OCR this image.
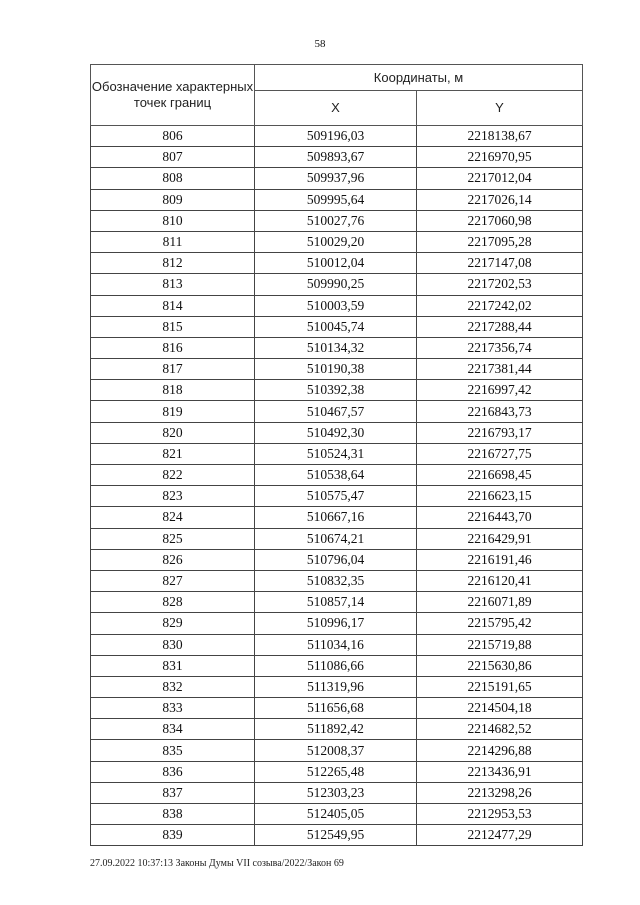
58
Обозначение характерных точек границ	Координаты, м	
	X	Y
806	509196,03	2218138,67
807	509893,67	2216970,95
808	509937,96	2217012,04
809	509995,64	2217026,14
810	510027,76	2217060,98
811	510029,20	2217095,28
812	510012,04	2217147,08
813	509990,25	2217202,53
814	510003,59	2217242,02
815	510045,74	2217288,44
816	510134,32	2217356,74
817	510190,38	2217381,44
818	510392,38	2216997,42
819	510467,57	2216843,73
820	510492,30	2216793,17
821	510524,31	2216727,75
822	510538,64	2216698,45
823	510575,47	2216623,15
824	510667,16	2216443,70
825	510674,21	2216429,91
826	510796,04	2216191,46
827	510832,35	2216120,41
828	510857,14	2216071,89
829	510996,17	2215795,42
830	511034,16	2215719,88
831	511086,66	2215630,86
832	511319,96	2215191,65
833	511656,68	2214504,18
834	511892,42	2214682,52
835	512008,37	2214296,88
836	512265,48	2213436,91
837	512303,23	2213298,26
838	512405,05	2212953,53
839	512549,95	2212477,29
27.09.2022 10:37:13 Законы Думы VII созыва/2022/Закон 69
